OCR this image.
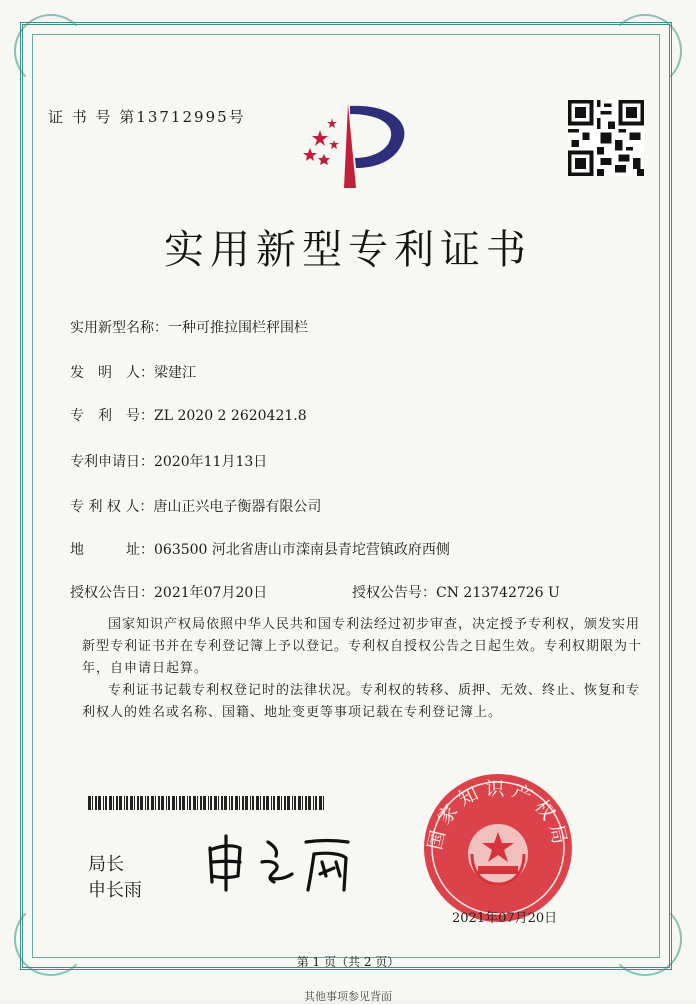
证 书 号 第13712995号
实用新型专利证书
实用新型名称：一种可推拉围栏秤围栏
发　明　人：梁建江
专　利　号：ZL 2020 2 2620421.8
专利申请日：2020年11月13日
专 利 权 人：唐山正兴电子衡器有限公司
地　　　址：063500 河北省唐山市滦南县青坨营镇政府西侧
授权公告日：2021年07月20日	授权公告号：CN 213742726 U
国家知识产权局依照中华人民共和国专利法经过初步审查，决定授予专利权，颁发实用新型专利证书并在专利登记簿上予以登记。专利权自授权公告之日起生效。专利权期限为十年，自申请日起算。
专利证书记载专利权登记时的法律状况。专利权的转移、质押、无效、终止、恢复和专利权人的姓名或名称、国籍、地址变更等事项记载在专利登记簿上。
局长
申长雨
国家知识产权局
2021年07月20日
第 1 页（共 2 页）
其他事项参见背面
